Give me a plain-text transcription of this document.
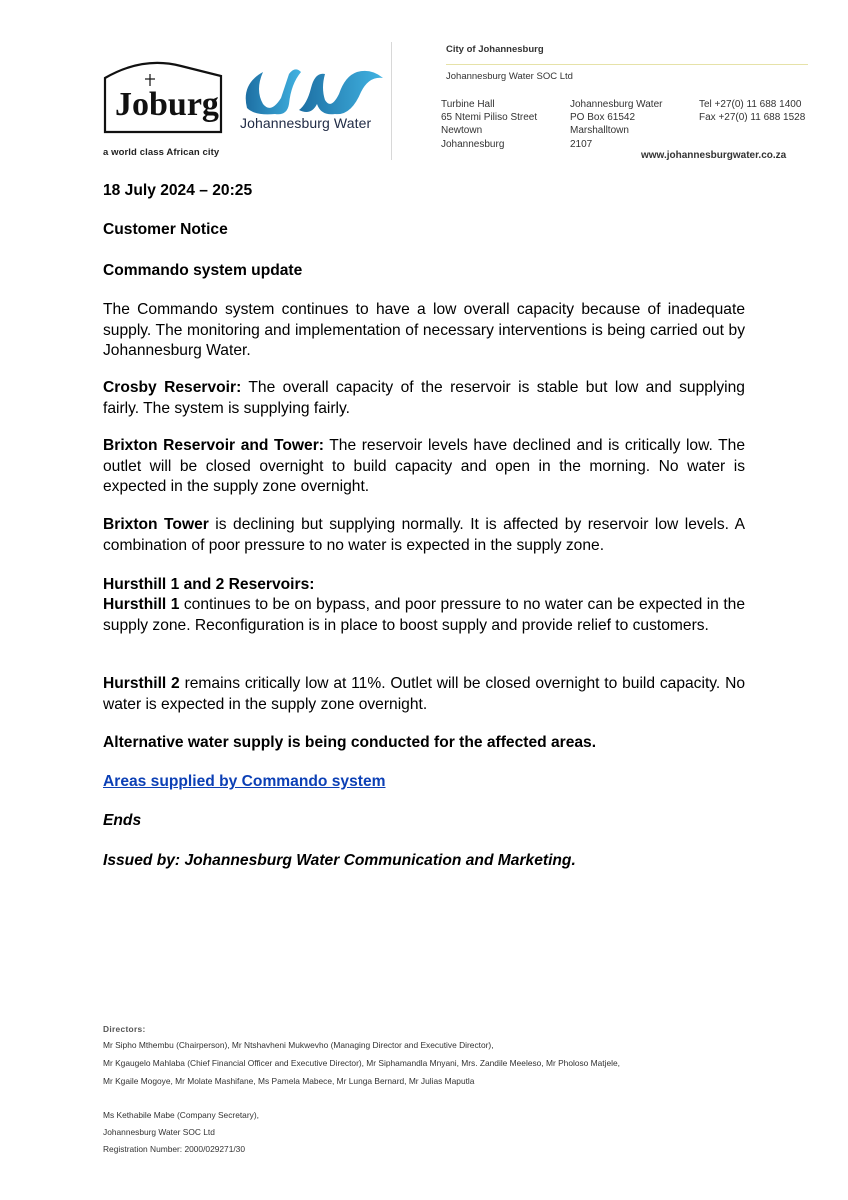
Joburg
a world class African city
Johannesburg Water
City of Johannesburg
Johannesburg Water SOC Ltd
Turbine Hall
65 Ntemi Piliso Street
Newtown
Johannesburg
Johannesburg Water
PO Box 61542
Marshalltown
2107
Tel +27(0) 11 688 1400
Fax +27(0) 11 688 1528
www.johannesburgwater.co.za
18 July 2024 – 20:25
Customer Notice
Commando system update
The Commando system continues to have a low overall capacity because of inadequate supply. The monitoring and implementation of necessary interventions is being carried out by Johannesburg Water.
Crosby Reservoir: The overall capacity of the reservoir is stable but low and supplying fairly. The system is supplying fairly.
Brixton Reservoir and Tower: The reservoir levels have declined and is critically low. The outlet will be closed overnight to build capacity and open in the morning. No water is expected in the supply zone overnight.
Brixton Tower is declining but supplying normally. It is affected by reservoir low levels. A combination of poor pressure to no water is expected in the supply zone.
Hursthill 1 and 2 Reservoirs:
Hursthill 1 continues to be on bypass, and poor pressure to no water can be expected in the supply zone. Reconfiguration is in place to boost supply and provide relief to customers.
Hursthill 2 remains critically low at 11%. Outlet will be closed overnight to build capacity. No water is expected in the supply zone overnight.
Alternative water supply is being conducted for the affected areas.
Areas supplied by Commando system
Ends
Issued by: Johannesburg Water Communication and Marketing.
Directors:
Mr Sipho Mthembu (Chairperson), Mr Ntshavheni Mukwevho (Managing Director and Executive Director),
Mr Kgaugelo Mahlaba (Chief Financial Officer and Executive Director), Mr Siphamandla Mnyani, Mrs. Zandile Meeleso, Mr Pholoso Matjele,
Mr Kgaile Mogoye, Mr Molate Mashifane, Ms Pamela Mabece, Mr Lunga Bernard, Mr Julias Maputla
Ms Kethabile Mabe (Company Secretary),
Johannesburg Water SOC Ltd
Registration Number: 2000/029271/30
